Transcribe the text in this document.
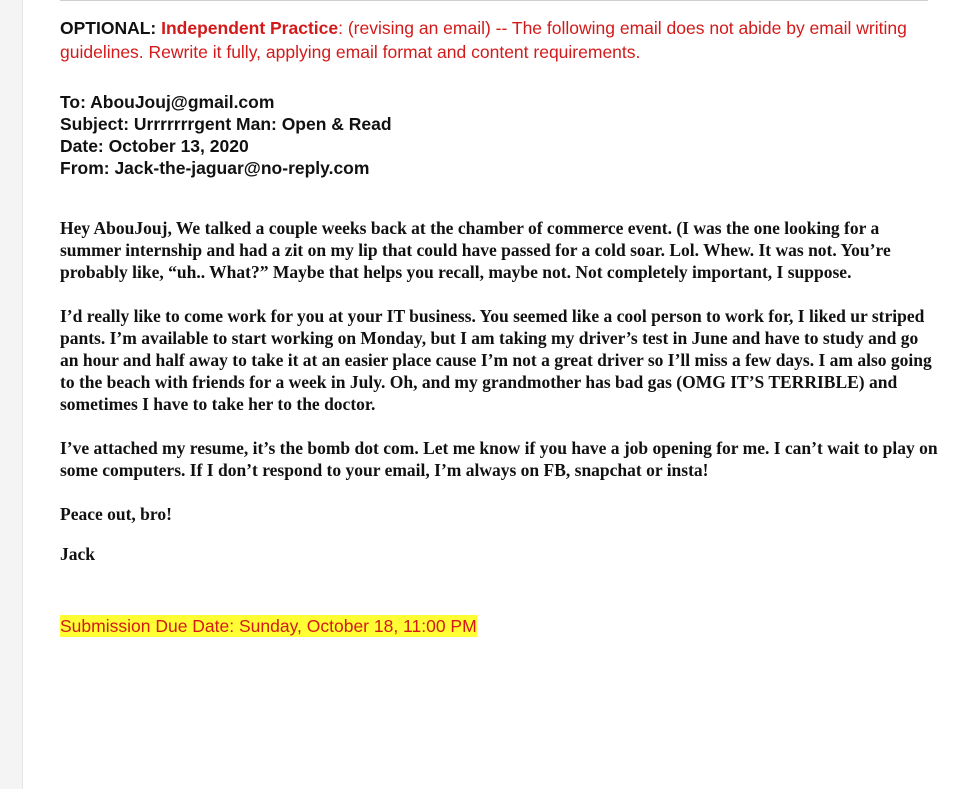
OPTIONAL: Independent Practice: (revising an email) -- The following email does not abide by email writing guidelines. Rewrite it fully, applying email format and content requirements.

To: AbouJouj@gmail.com
Subject: Urrrrrrrgent Man: Open & Read
Date: October 13, 2020
From: Jack-the-jaguar@no-reply.com

Hey AbouJouj, We talked a couple weeks back at the chamber of commerce event. (I was the one looking for a summer internship and had a zit on my lip that could have passed for a cold soar. Lol. Whew. It was not. You’re probably like, “uh.. What?” Maybe that helps you recall, maybe not. Not completely important, I suppose.

I’d really like to come work for you at your IT business. You seemed like a cool person to work for, I liked ur striped pants. I’m available to start working on Monday, but I am taking my driver’s test in June and have to study and go an hour and half away to take it at an easier place cause I’m not a great driver so I’ll miss a few days. I am also going to the beach with friends for a week in July. Oh, and my grandmother has bad gas (OMG IT’S TERRIBLE) and sometimes I have to take her to the doctor.

I’ve attached my resume, it’s the bomb dot com. Let me know if you have a job opening for me. I can’t wait to play on some computers. If I don’t respond to your email, I’m always on FB, snapchat or insta!

Peace out, bro!

Jack

Submission Due Date: Sunday, October 18, 11:00 PM
